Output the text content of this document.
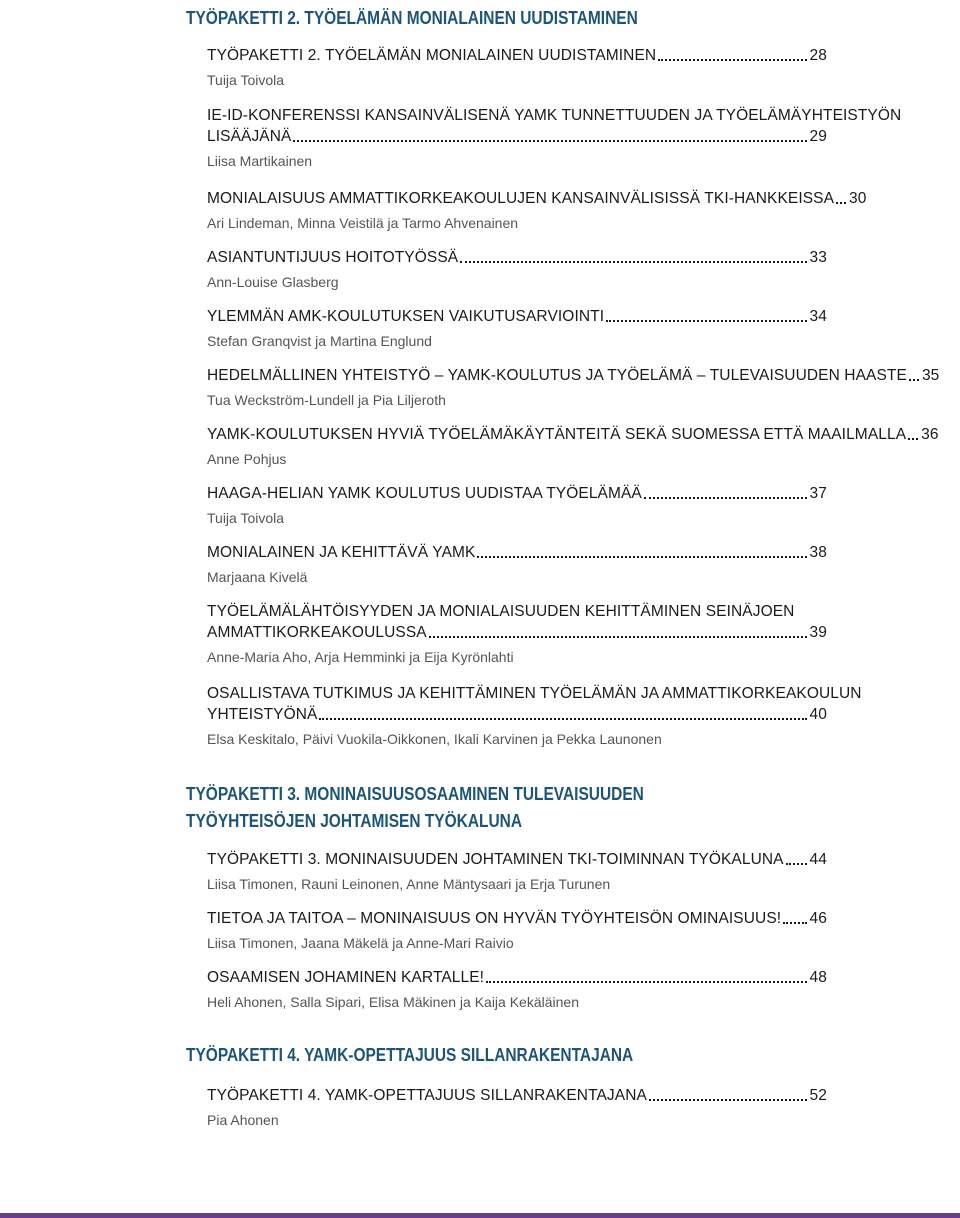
TYÖPAKETTI 2. TYÖELÄMÄN MONIALAINEN UUDISTAMINEN
TYÖPAKETTI 2. TYÖELÄMÄN MONIALAINEN UUDISTAMINEN	28
Tuija Toivola
IE-ID-KONFERENSSI KANSAINVÄLISENÄ YAMK TUNNETTUUDEN JA TYÖELÄMÄYHTEISTYÖN
LISÄÄJÄNÄ	29
Liisa Martikainen
MONIALAISUUS AMMATTIKORKEAKOULUJEN KANSAINVÄLISISSÄ TKI-HANKKEISSA 30
Ari Lindeman, Minna Veistilä ja Tarmo Ahvenainen
ASIANTUNTIJUUS HOITOTYÖSSÄ	33
Ann-Louise Glasberg
YLEMMÄN AMK-KOULUTUKSEN VAIKUTUSARVIOINTI	34
Stefan Granqvist ja Martina Englund
HEDELMÄLLINEN YHTEISTYÖ – YAMK-KOULUTUS JA TYÖELÄMÄ – TULEVAISUUDEN HAASTE 35
Tua Weckström-Lundell ja Pia Liljeroth
YAMK-KOULUTUKSEN HYVIÄ TYÖELÄMÄKÄYTÄNTEITÄ SEKÄ SUOMESSA ETTÄ MAAILMALLA 36
Anne Pohjus
HAAGA-HELIAN YAMK KOULUTUS UUDISTAA TYÖELÄMÄÄ	37
Tuija Toivola
MONIALAINEN JA KEHITTÄVÄ YAMK	38
Marjaana Kivelä
TYÖELÄMÄLÄHTÖISYYDEN JA MONIALAISUUDEN KEHITTÄMINEN SEINÄJOEN
AMMATTIKORKEAKOULUSSA	39
Anne-Maria Aho, Arja Hemminki ja Eija Kyrönlahti
OSALLISTAVA TUTKIMUS JA KEHITTÄMINEN TYÖELÄMÄN JA AMMATTIKORKEAKOULUN
YHTEISTYÖNÄ	40
Elsa Keskitalo, Päivi Vuokila-Oikkonen, Ikali Karvinen ja Pekka Launonen
TYÖPAKETTI 3. MONINAISUUSOSAAMINEN TULEVAISUUDEN TYÖYHTEISÖJEN JOHTAMISEN TYÖKALUNA
TYÖPAKETTI 3. MONINAISUUDEN JOHTAMINEN TKI-TOIMINNAN TYÖKALUNA 44
Liisa Timonen, Rauni Leinonen, Anne Mäntysaari ja Erja Turunen
TIETOA JA TAITOA – MONINAISUUS ON HYVÄN TYÖYHTEISÖN OMINAISUUS! 46
Liisa Timonen, Jaana Mäkelä ja Anne-Mari Raivio
OSAAMISEN JOHAMINEN KARTALLE!	48
Heli Ahonen, Salla Sipari, Elisa Mäkinen ja Kaija Kekäläinen
TYÖPAKETTI 4. YAMK-OPETTAJUUS SILLANRAKENTAJANA
TYÖPAKETTI 4. YAMK-OPETTAJUUS SILLANRAKENTAJANA	52
Pia Ahonen
